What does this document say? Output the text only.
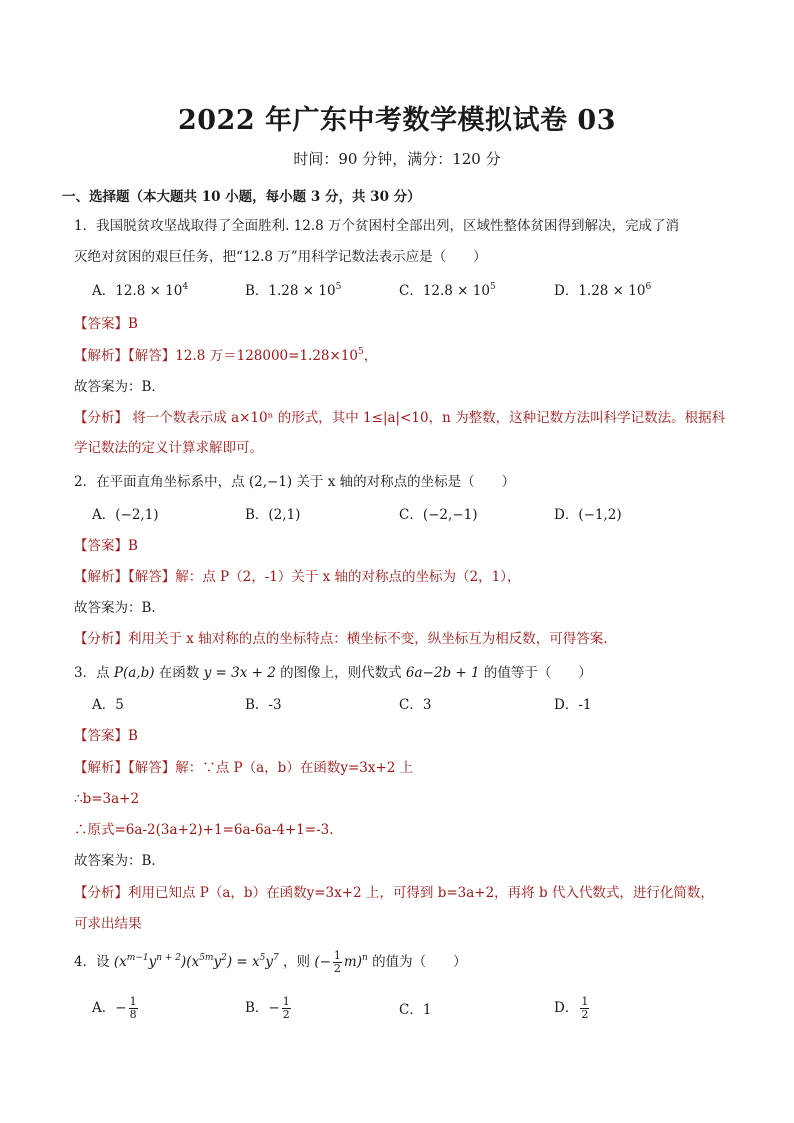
2022 年广东中考数学模拟试卷 03
时间：90 分钟，满分：120 分
一、选择题（本大题共 10 小题，每小题 3 分，共 30 分）
1．我国脱贫攻坚战取得了全面胜利. 12.8 万个贫困村全部出列，区域性整体贫困得到解决，完成了消
灭绝对贫困的艰巨任务，把“12.8 万”用科学记数法表示应是（　　）
A．$12.8 \times 10^4$	B．$1.28 \times 10^5$	C．$12.8 \times 10^5$	D．$1.28 \times 10^6$
【答案】B
【解析】【解答】12.8 万$=128000=1.28\times 10^5$，
故答案为：B．
【分析】 将一个数表示成 a×10ⁿ 的形式，其中 1≤|a|<10，n 为整数，这种记数方法叫科学记数法。根据科
学记数法的定义计算求解即可。
2．在平面直角坐标系中，点 (2,−1) 关于 x 轴的对称点的坐标是（　　）
A．(−2,1)	B．(2,1)	C．(−2,−1)	D．(−1,2)
【答案】B
【解析】【解答】解：点 P（2，-1）关于 x 轴的对称点的坐标为（2，1），
故答案为：B.
【分析】利用关于 x 轴对称的点的坐标特点：横坐标不变，纵坐标互为相反数，可得答案.
3．点 P(a,b) 在函数 y = 3x + 2 的图像上，则代数式 6a−2b + 1 的值等于（　　）
A．5	B．-3	C．3	D．-1
【答案】B
【解析】【解答】解：∵点 P（a，b）在函数y=3x+2 上
∴b=3a+2
∴原式=6a-2(3a+2)+1=6a-6a-4+1=-3.
故答案为：B.
【分析】利用已知点 P（a，b）在函数y=3x+2 上，可得到 b=3a+2，再将 b 代入代数式，进行化简数，
可求出结果
4．设 $(x^{m-1}y^{n + 2})(x^{5m}y^2) = x^5y^7$ ，则 (− $\frac{1}{2} m)^n$ 的值为（　　）
A．− $\frac{1}{8}$	B．− $\frac{1}{2}$	C．1	D． $\frac{1}{2}$
